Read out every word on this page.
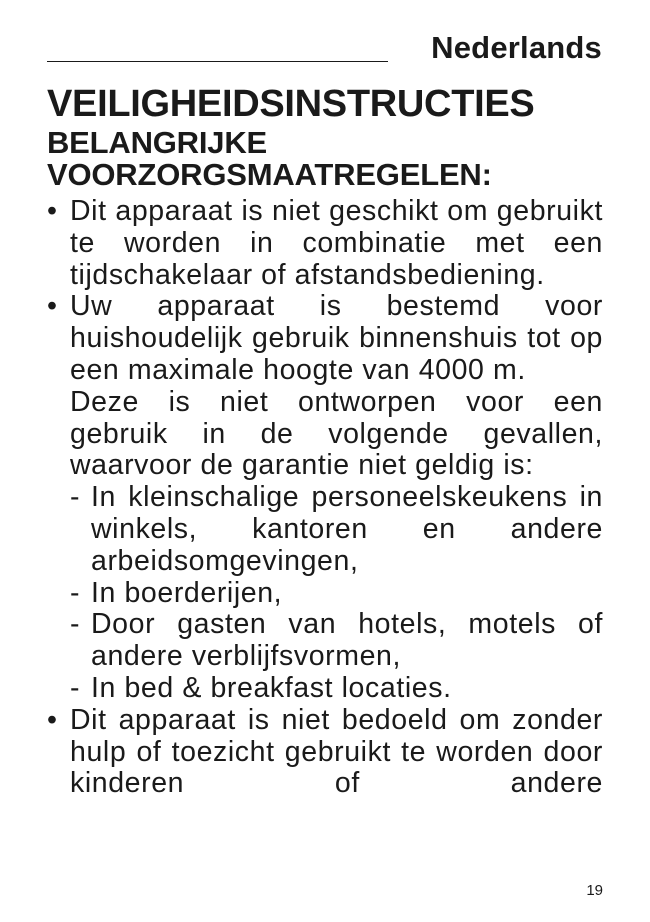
Nederlands
VEILIGHEIDSINSTRUCTIES
BELANGRIJKE VOORZORGSMAATREGELEN:
• Dit apparaat is niet geschikt om gebruikt te worden in combinatie met een tijdschakelaar of afstandsbediening.

• Uw apparaat is bestemd voor huishoudelijk gebruik binnenshuis tot op een maximale hoogte van 4000 m.

Deze is niet ontworpen voor een gebruik in de volgende gevallen, waarvoor de garantie niet geldig is:

- In kleinschalige personeelskeukens in winkels, kantoren en andere arbeidsomgevingen,
- In boerderijen,
- Door gasten van hotels, motels of andere verblijfsvormen,
- In bed & breakfast locaties.
• Dit apparaat is niet bedoeld om zonder hulp of toezicht gebruikt te worden door kinderen of andere

19
